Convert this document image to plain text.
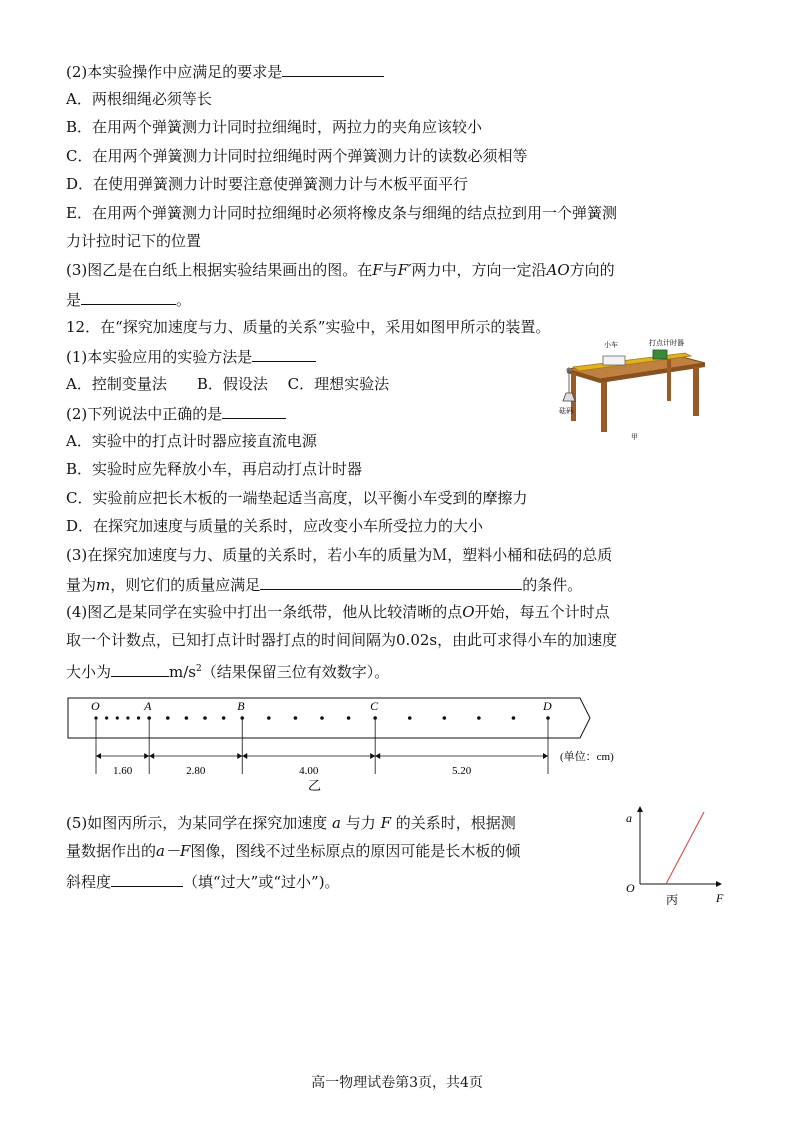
(2)本实验操作中应满足的要求是
A．两根细绳必须等长
B．在用两个弹簧测力计同时拉细绳时，两拉力的夹角应该较小
C．在用两个弹簧测力计同时拉细绳时两个弹簧测力计的读数必须相等
D．在使用弹簧测力计时要注意使弹簧测力计与木板平面平行
E．在用两个弹簧测力计同时拉细绳时必须将橡皮条与细绳的结点拉到用一个弹簧测
力计拉时记下的位置
(3)图乙是在白纸上根据实验结果画出的图。在F与F′两力中，方向一定沿AO方向的
是	。
12．在“探究加速度与力、质量的关系”实验中，采用如图甲所示的装置。
(1)本实验应用的实验方法是
A．控制变量法　　B．假设法　 C．理想实验法
(2)下列说法中正确的是
A．实验中的打点计时器应接直流电源
B．实验时应先释放小车，再启动打点计时器
C．实验前应把长木板的一端垫起适当高度，以平衡小车受到的摩擦力
D．在探究加速度与质量的关系时，应改变小车所受拉力的大小
(3)在探究加速度与力、质量的关系时，若小车的质量为Ｍ，塑料小桶和砝码的总质
量为m，则它们的质量应满足	的条件。
(4)图乙是某同学在实验中打出一条纸带，他从比较清晰的点O开始，每五个计时点
取一个计数点，已知打点计时器打点的时间间隔为0.02s，由此可求得小车的加速度
大小为	$m/s^2$（结果保留三位有效数字）。
小车	打点计时器
砝码
甲
O	A	B	C	D
1.60	2.80	4.00	5.20
(单位：cm)
乙
(5)如图丙所示，为某同学在探究加速度 a 与力 F 的关系时，根据测
量数据作出的a－F图像，图线不过坐标原点的原因可能是长木板的倾
斜程度	（填“过大”或“过小”)。
a
F
O
丙
高一物理试卷第3页，共4页
